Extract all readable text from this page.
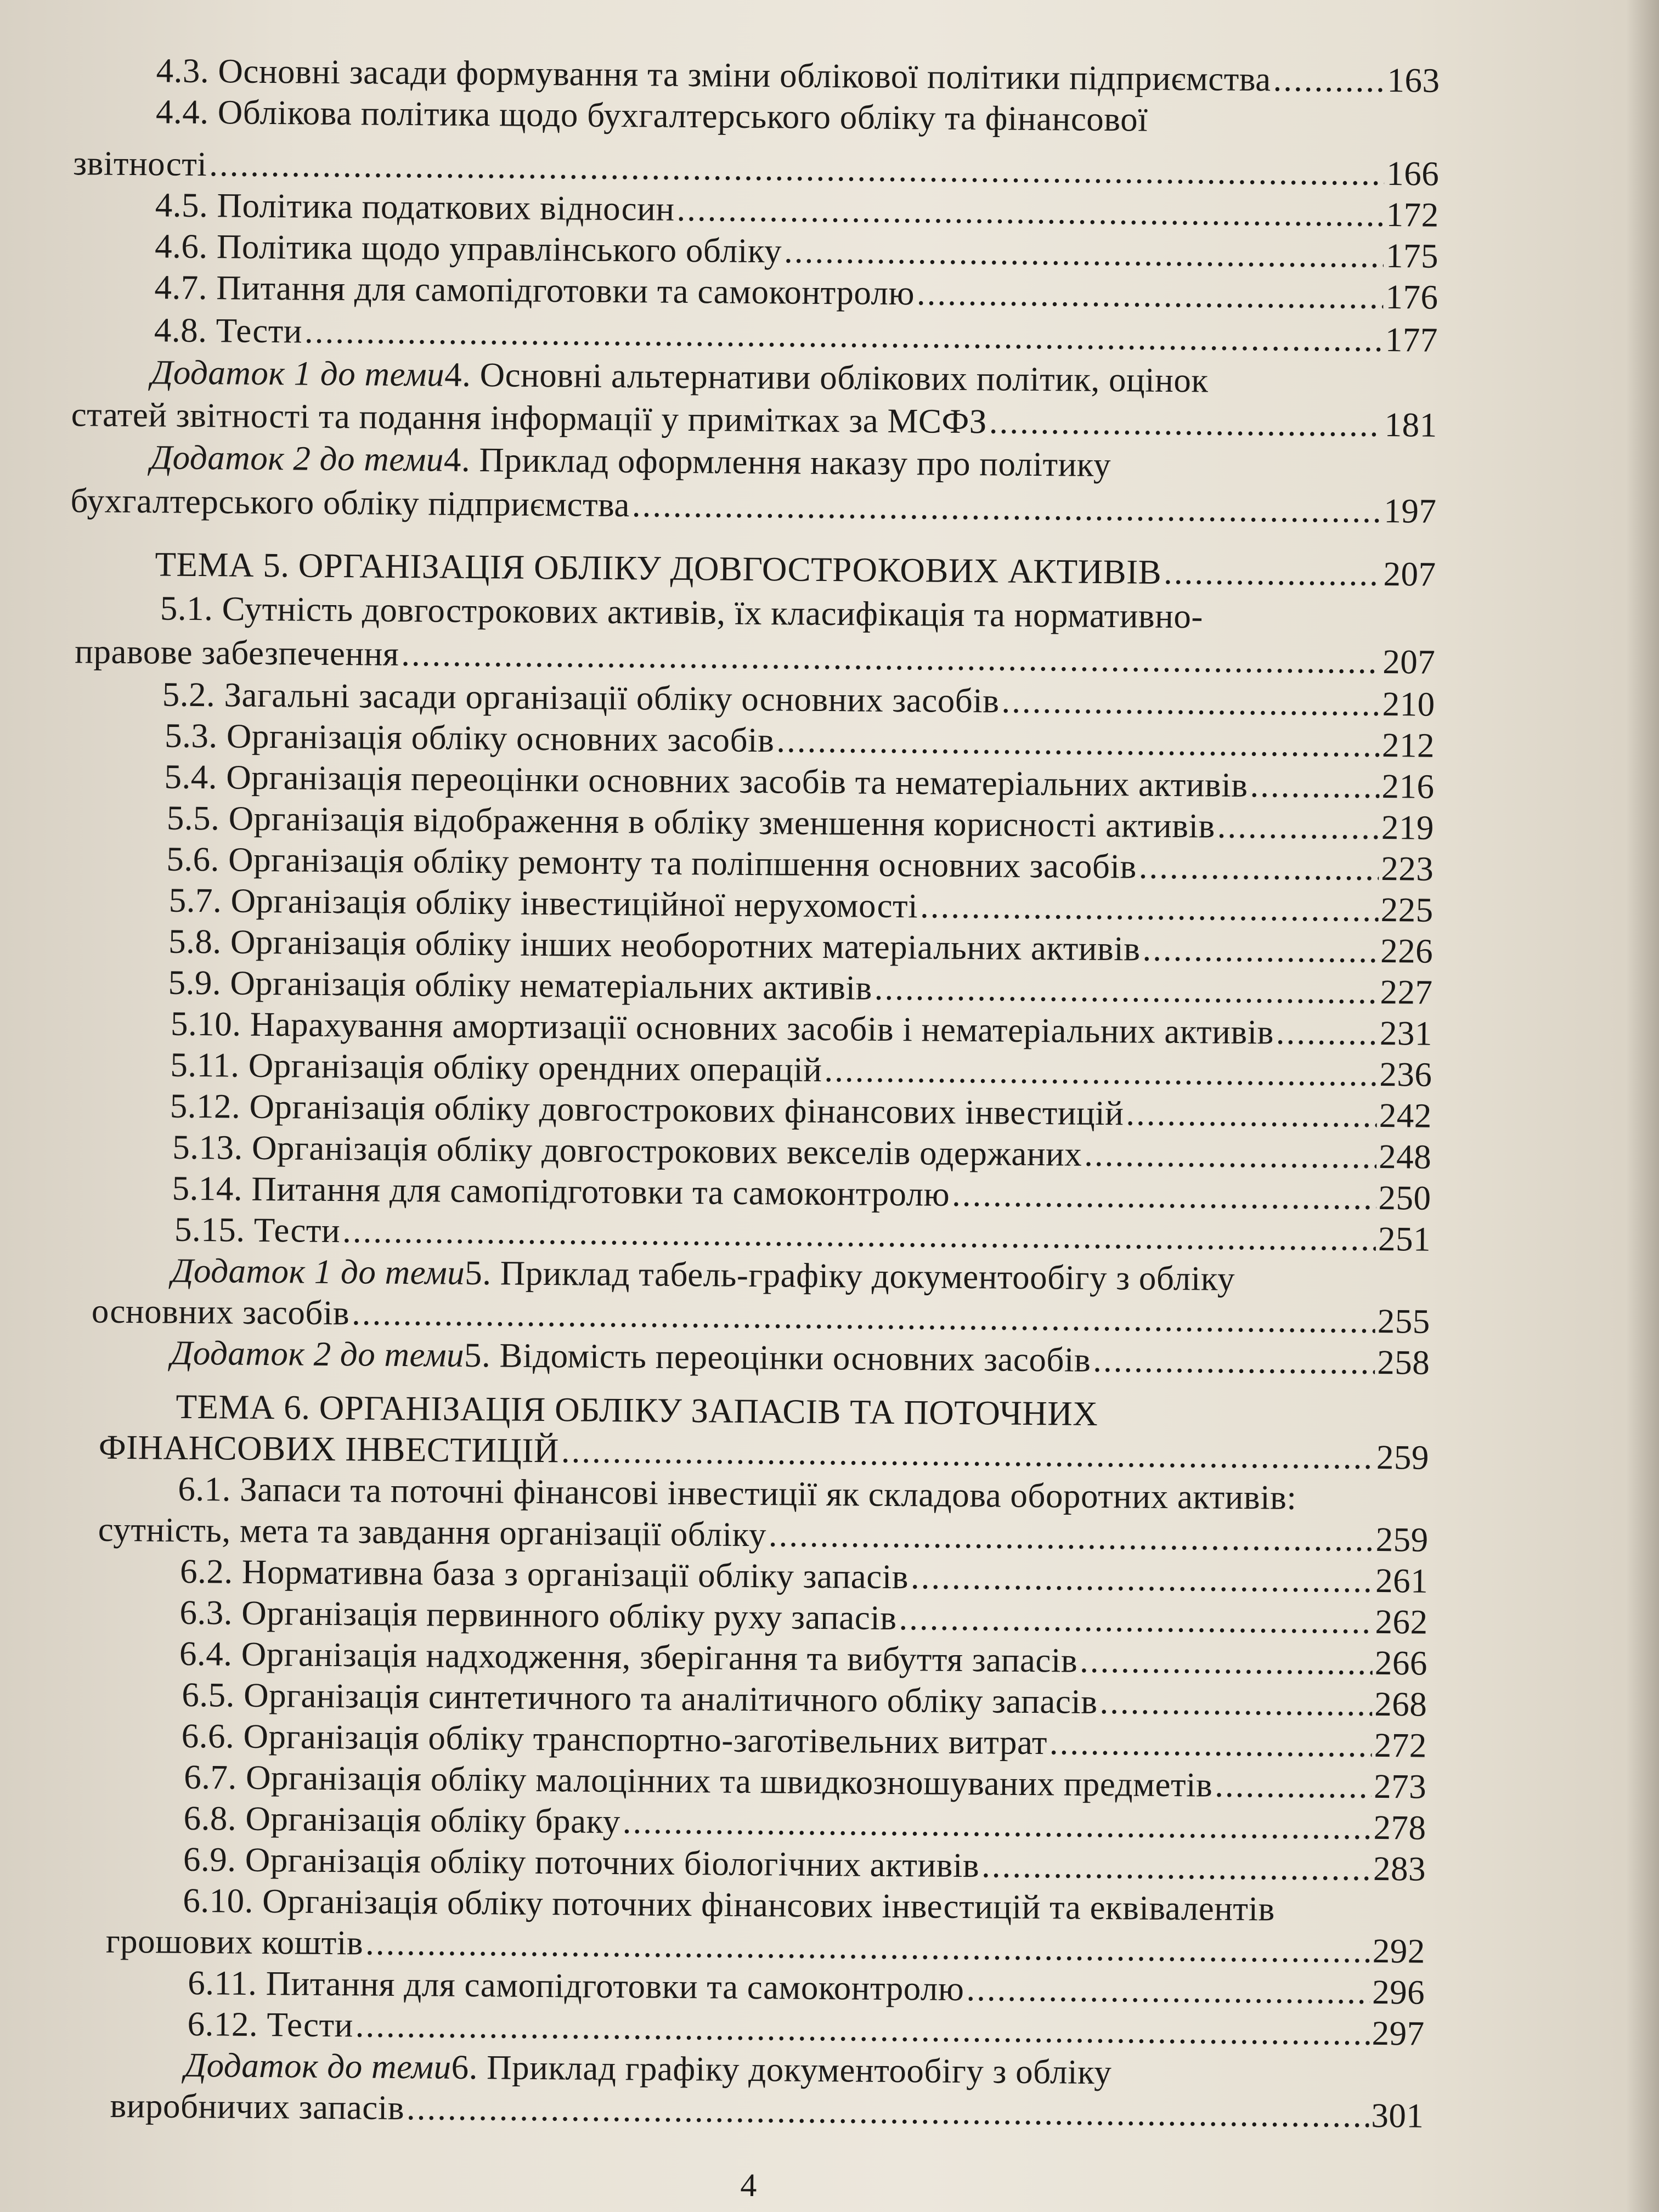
4.3. Основні засади формування та зміни облікової політики підприємства .....	163
4.4. Облікова політика щодо бухгалтерського обліку та фінансової
звітності .....	166
4.5. Політика податкових відносин .....	172
4.6. Політика щодо управлінського обліку .....	175
4.7. Питання для самопідготовки та самоконтролю .....	176
4.8. Тести .....	177
Додаток 1 до теми 4. Основні альтернативи облікових політик, оцінок
статей звітності та подання інформації у примітках за МСФЗ .....	181
Додаток 2 до теми 4. Приклад оформлення наказу про політику
бухгалтерського обліку підприємства .....	197
ТЕМА 5. ОРГАНІЗАЦІЯ ОБЛІКУ ДОВГОСТРОКОВИХ АКТИВІВ .....	207
5.1. Сутність довгострокових активів, їх класифікація та нормативно-
правове забезпечення .....	207
5.2. Загальні засади організації обліку основних засобів .....	210
5.3. Організація обліку основних засобів .....	212
5.4. Організація переоцінки основних засобів та нематеріальних активів .....	216
5.5. Організація відображення в обліку зменшення корисності активів .....	219
5.6. Організація обліку ремонту та поліпшення основних засобів .....	223
5.7. Організація обліку інвестиційної нерухомості .....	225
5.8. Організація обліку інших необоротних матеріальних активів .....	226
5.9. Організація обліку нематеріальних активів .....	227
5.10. Нарахування амортизації основних засобів і нематеріальних активів .....	231
5.11. Організація обліку орендних операцій .....	236
5.12. Організація обліку довгострокових фінансових інвестицій .....	242
5.13. Організація обліку довгострокових векселів одержаних .....	248
5.14. Питання для самопідготовки та самоконтролю .....	250
5.15. Тести .....	251
Додаток 1 до теми 5. Приклад табель-графіку документообігу з обліку
основних засобів .....	255
Додаток 2 до теми 5. Відомість переоцінки основних засобів .....	258
ТЕМА 6. ОРГАНІЗАЦІЯ ОБЛІКУ ЗАПАСІВ ТА ПОТОЧНИХ
ФІНАНСОВИХ ІНВЕСТИЦІЙ .....	259
6.1. Запаси та поточні фінансові інвестиції як складова оборотних активів:
сутність, мета та завдання організації обліку .....	259
6.2. Нормативна база з організації обліку запасів .....	261
6.3. Організація первинного обліку руху запасів .....	262
6.4. Організація надходження, зберігання та вибуття запасів .....	266
6.5. Організація синтетичного та аналітичного обліку запасів .....	268
6.6. Організація обліку транспортно-заготівельних витрат .....	272
6.7. Організація обліку малоцінних та швидкозношуваних предметів .....	273
6.8. Організація обліку браку .....	278
6.9. Організація обліку поточних біологічних активів .....	283
6.10. Організація обліку поточних фінансових інвестицій та еквівалентів
грошових коштів .....	292
6.11. Питання для самопідготовки та самоконтролю .....	296
6.12. Тести .....	297
Додаток до теми 6. Приклад графіку документообігу з обліку
виробничих запасів .....	301
4
